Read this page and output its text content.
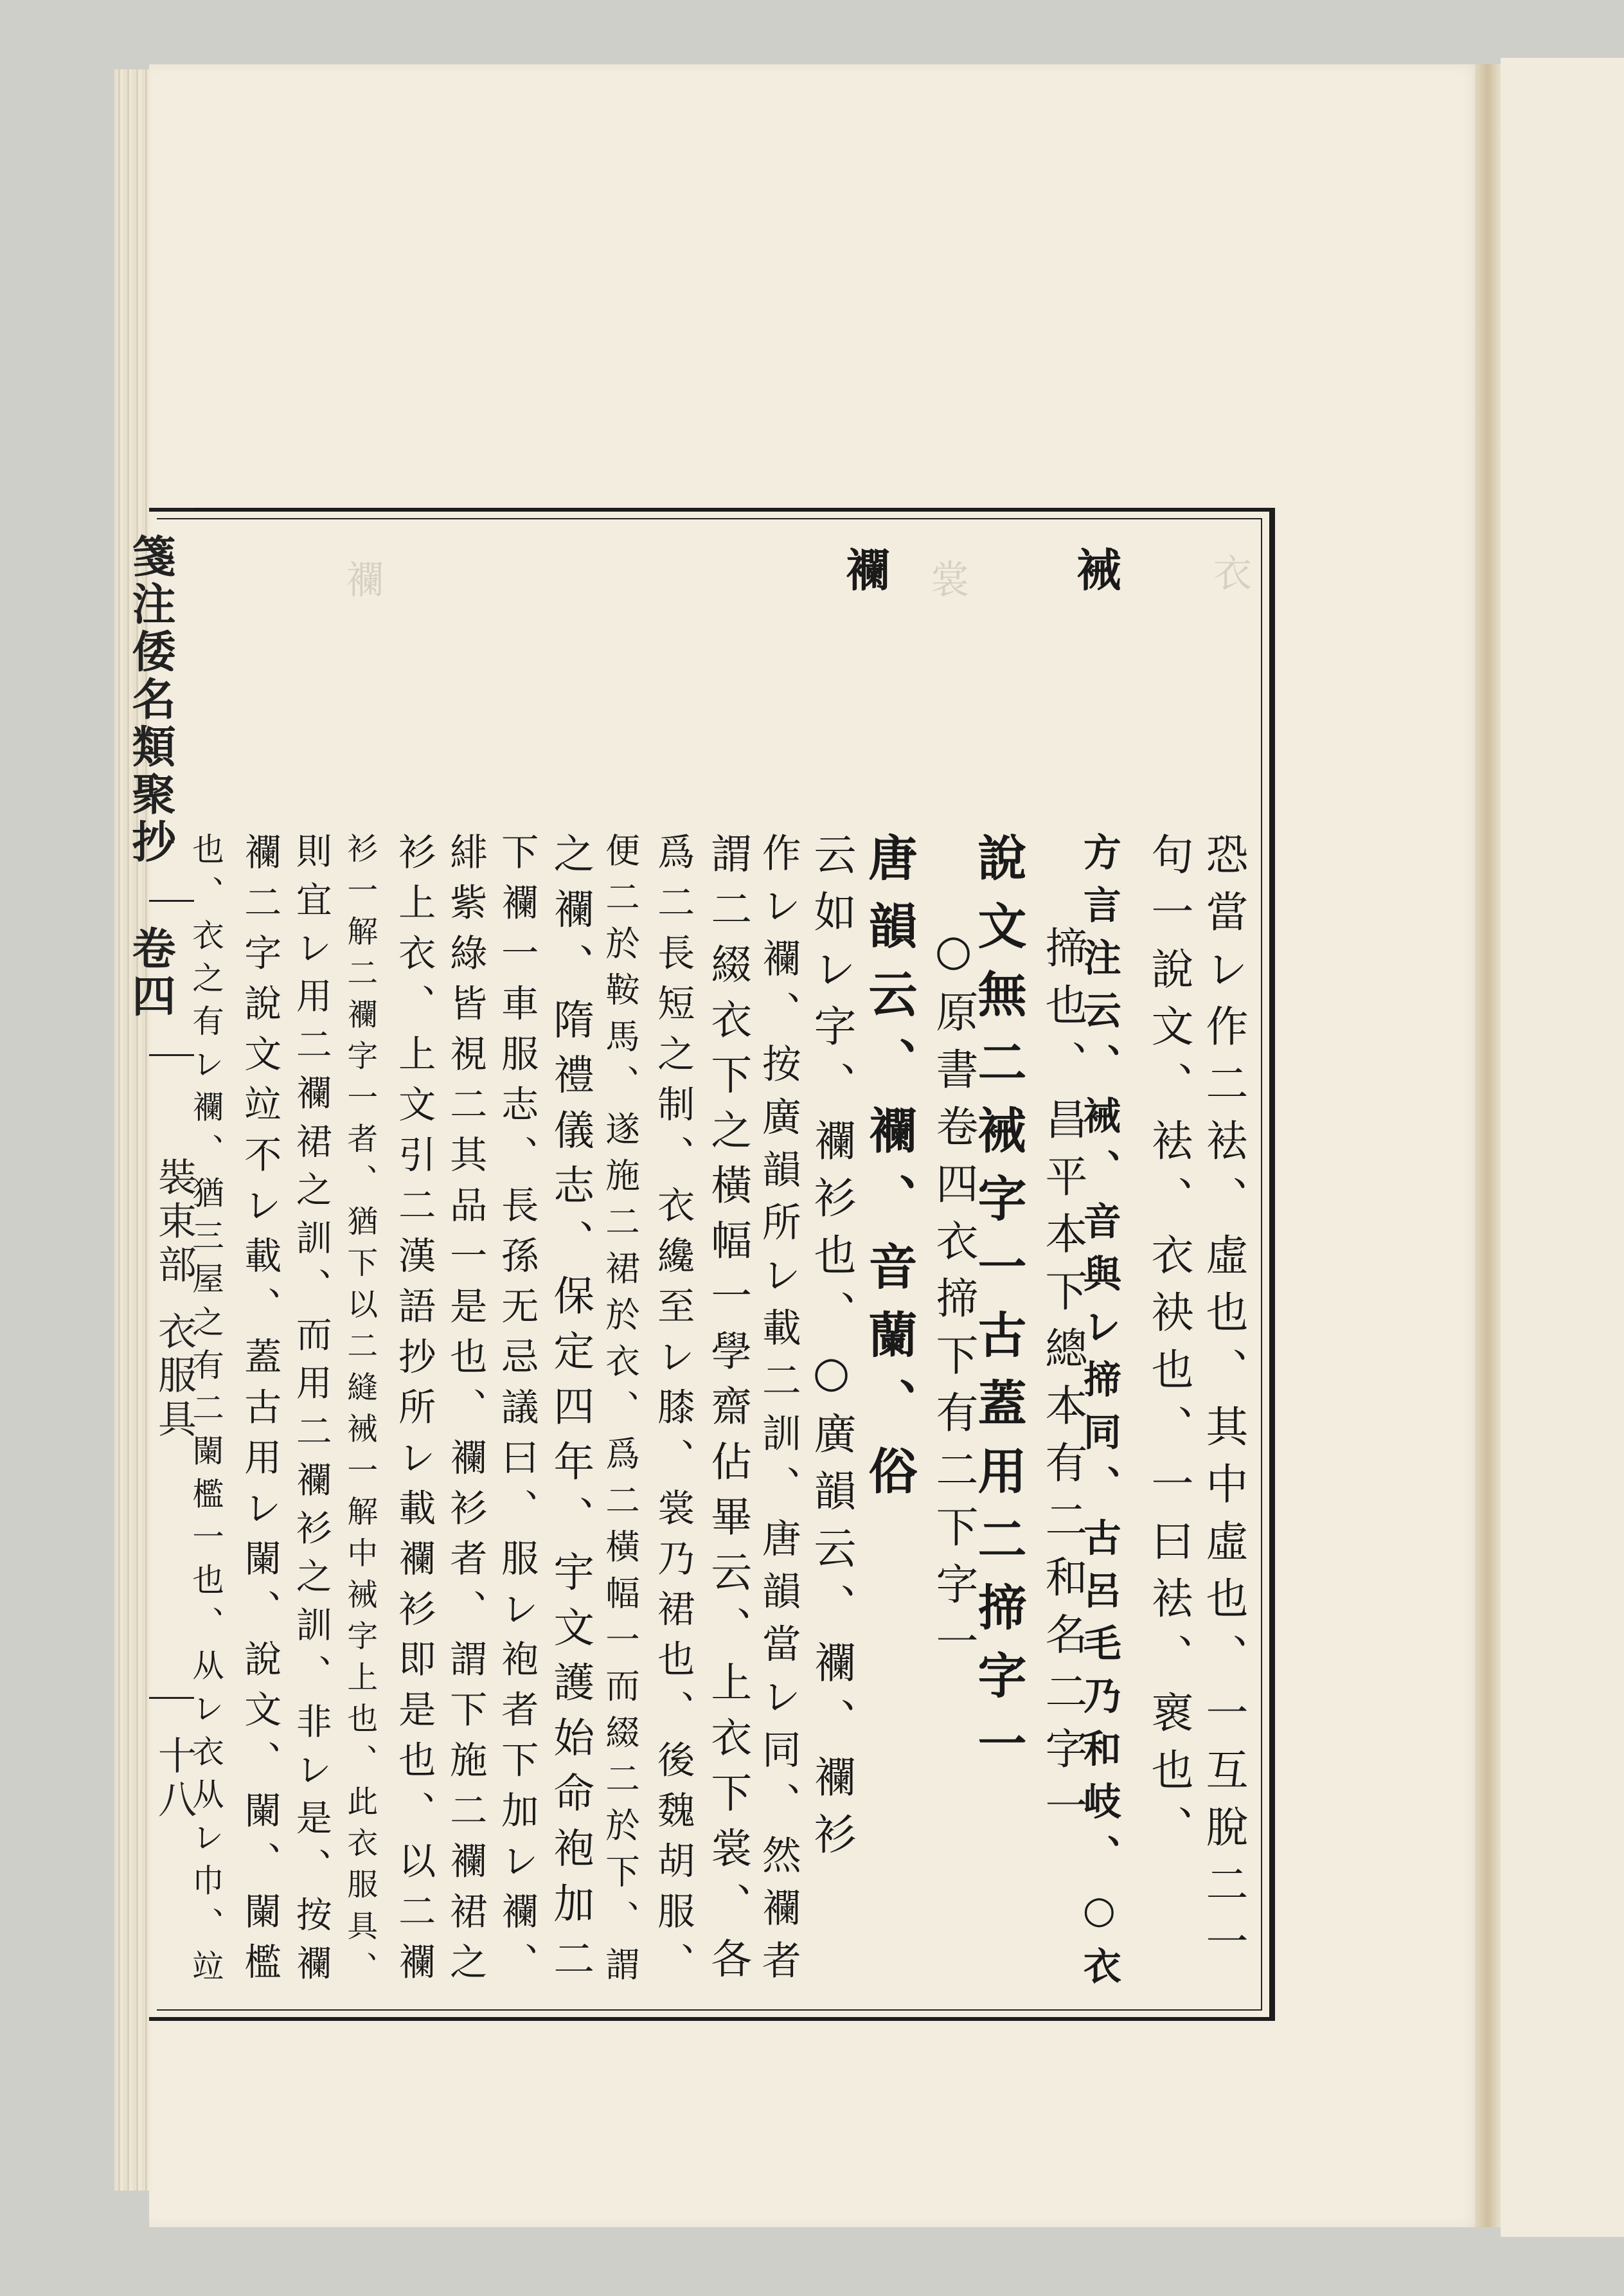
衣
裳
襴
箋注倭名類聚抄
卷四
裝束部
衣服具
十八
裓
襴
恐當レ作二袪、虛也、其中虛也、一互脫二一
句一說文、袪、衣袂也、一曰袪、褱也、
方言注云、裓、音與レ揥同、古呂毛乃和岐、○衣
揥也、昌平本下總本有二和名二字一
說文無二裓字一古蓋用二揥字一
○原書卷四衣揥下有二下字一
唐韻云、襴、音蘭、俗
云如レ字、襴衫也、○廣韻云、襴、襴衫
作レ襴、按廣韻所レ載二訓、唐韻當レ同、然襴者
謂二綴衣下之橫幅一學齋佔畢云、上衣下裳、各
爲二長短之制、衣纔至レ膝、裳乃裙也、後魏胡服、
便二於鞍馬、遂施二裙於衣、爲二橫幅一而綴二於下、謂
之襴、隋禮儀志、保定四年、宇文護始命袍加二
下襴一車服志、長孫无忌議曰、服レ袍者下加レ襴、
緋紫綠皆視二其品一是也、襴衫者、謂下施二襴裙之
衫上衣、上文引二漢語抄所レ載襴衫即是也、以二襴
衫一解二襴字一者、猶下以二縫裓一解中裓字上也、此衣服具、
則宜レ用二襴裙之訓、而用二襴衫之訓、非レ是、按襴
襴二字說文竝不レ載、蓋古用レ闌、說文、闌、闌檻
也、衣之有レ襴、猶三屋之有二闌檻一也、从レ衣从レ巾、竝
